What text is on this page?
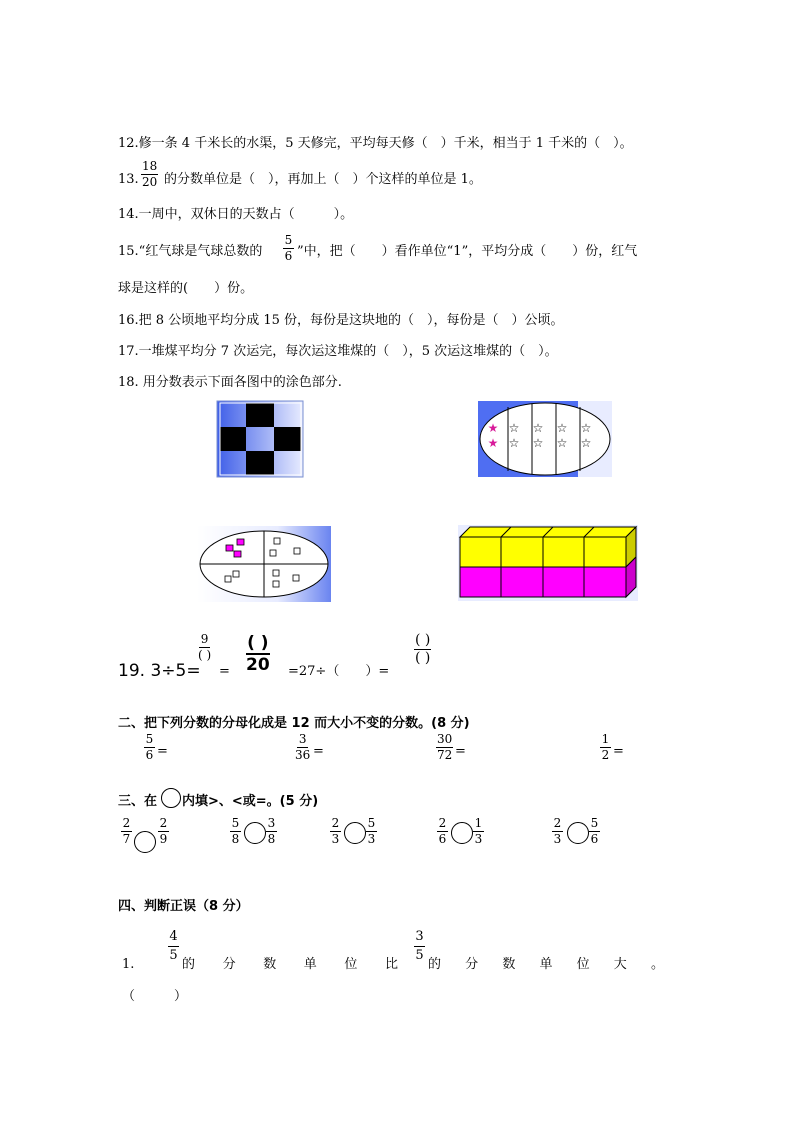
12.修一条 4 千米长的水渠，5 天修完，平均每天修（　）千米，相当于 1 千米的（　）。
13. $\frac{18}{20}$ 的分数单位是（　），再加上（　）个这样的单位是 1。
14.一周中，双休日的天数占（　　　）。
15.“红气球是气球总数的 $\frac{5}{6}$ ”中，把（　　）看作单位“1”，平均分成（　　）份，红气
球是这样的(　　）份。
16.把 8 公顷地平均分成 15 份，每份是这块地的（　），每份是（　）公顷。
17.一堆煤平均分 7 次运完，每次运这堆煤的（　），5 次运这堆煤的（　）。
18. 用分数表示下面各图中的涂色部分.
★
★
☆
☆
☆
☆
☆
☆
☆
☆
19. 3÷5=
9
( )
=
( )
20 =27÷（　　）=
( )
( )
二、把下列分数的分母化成是 12 而大小不变的分数。(8 分)
$\frac{5}{6}$ =	$\frac{3}{36}$ =	$\frac{30}{72}$ =	$\frac{1}{2}$ =
三、在 内填>、<或=。(5 分)
$\frac{2}{7} \frac{2}{9}$	$\frac{5}{8} \frac{3}{8}$	$\frac{2}{3} \frac{5}{3}$	$\frac{2}{6} \frac{1}{3}$	$\frac{2}{3} \frac{5}{6}$
四、判断正误（8 分）
1.
$\frac{4}{5}$
的 分 数 单 位 比
$\frac{3}{5}$
的 分 数 单 位 大 。
（　　　）
